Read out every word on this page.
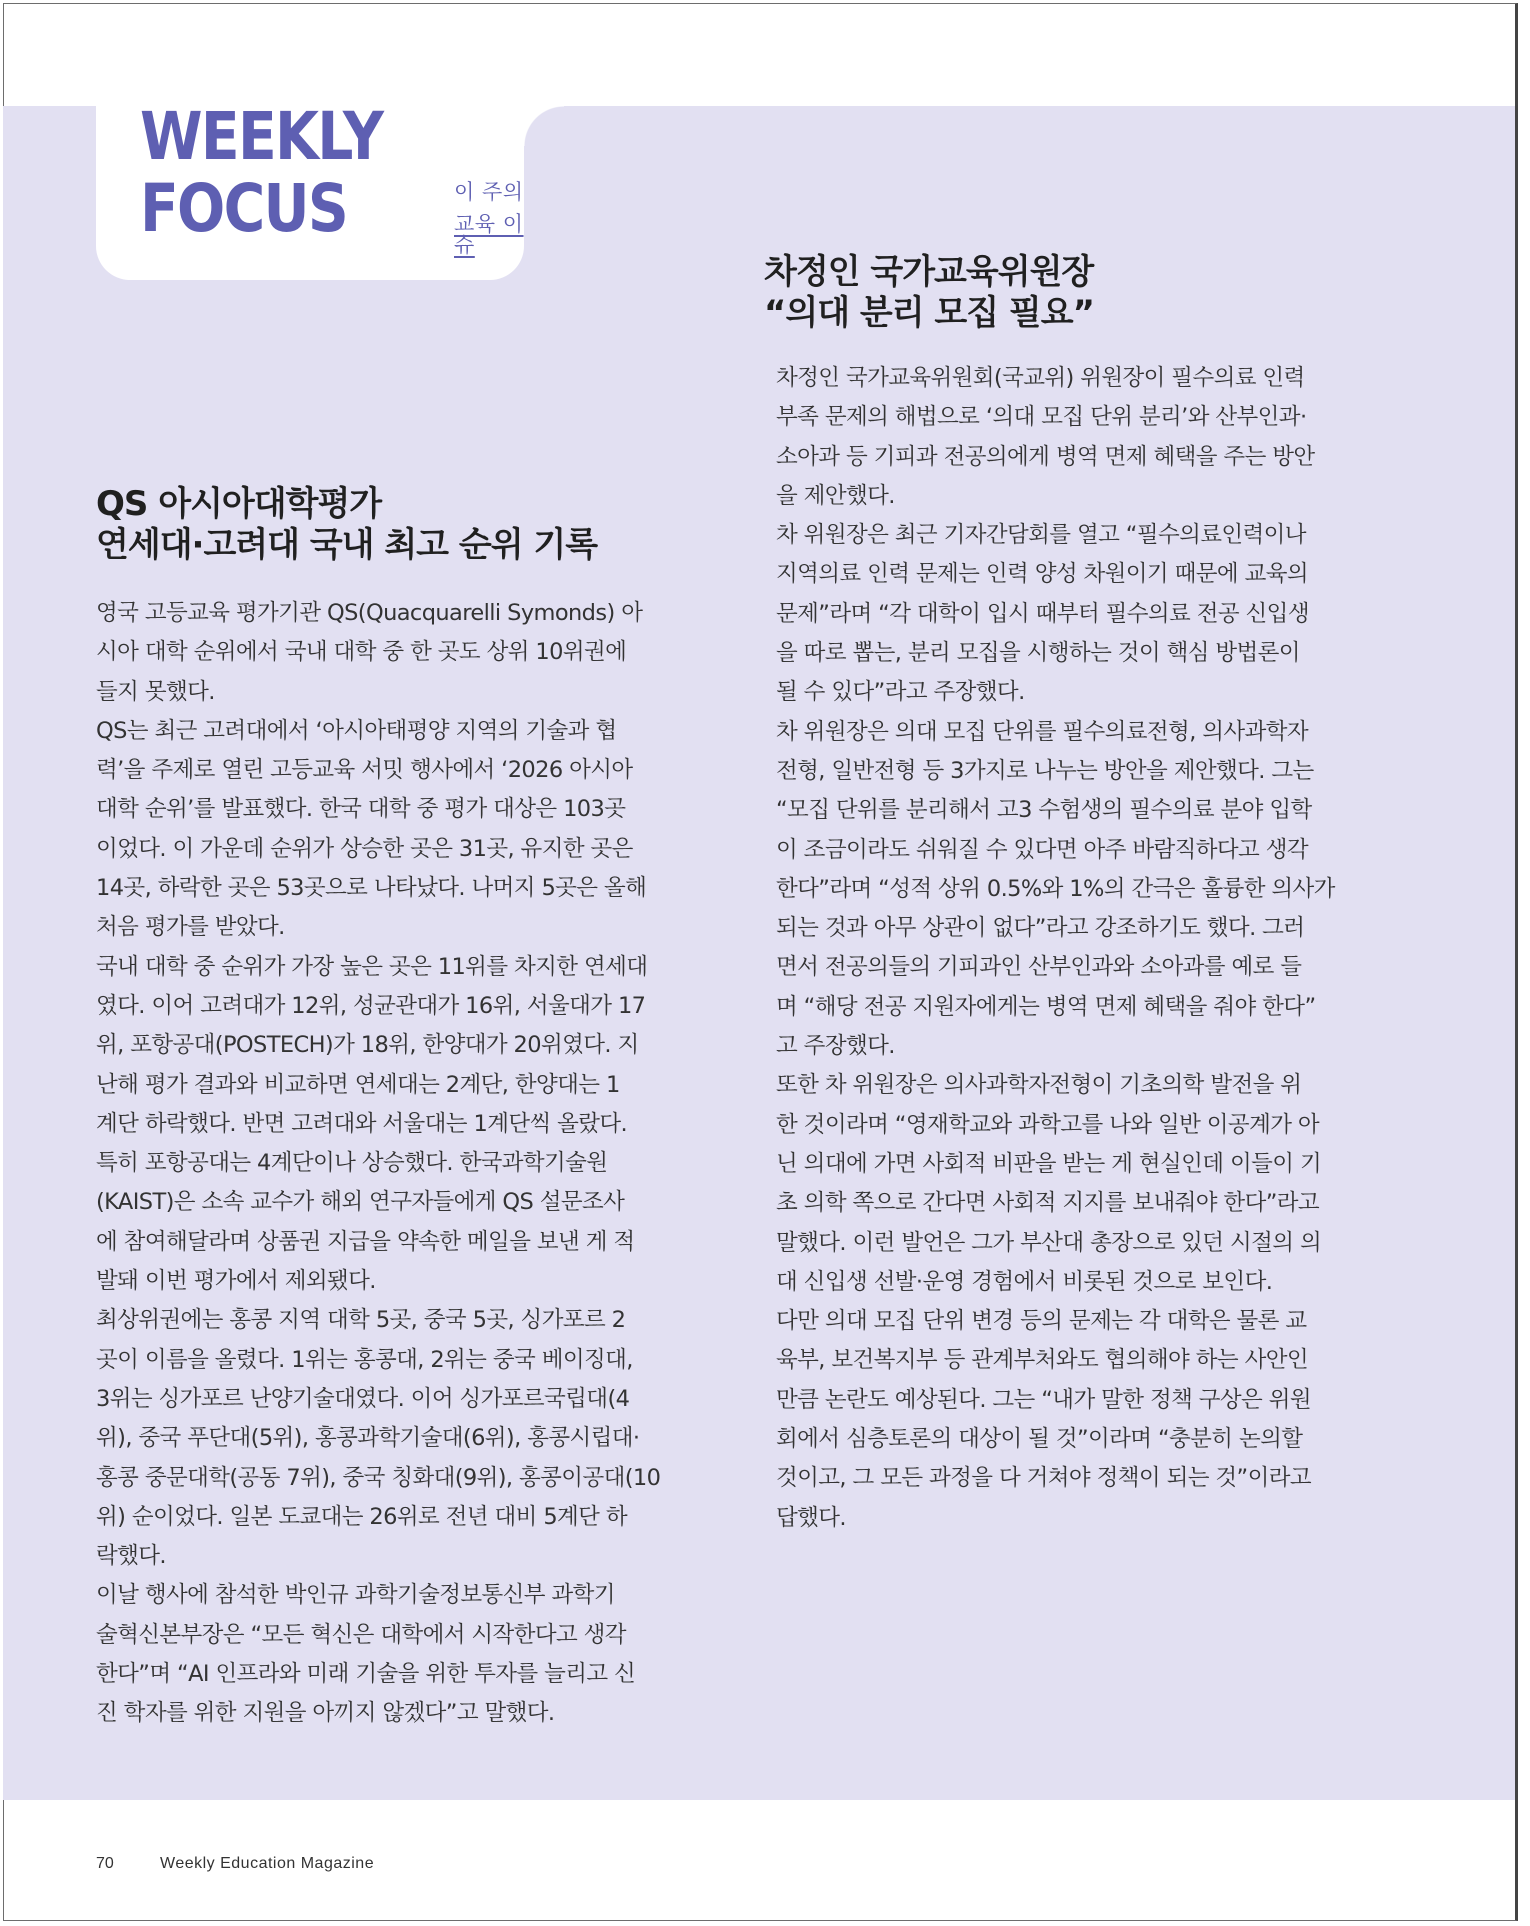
WEEKLY
FOCUS	이 주의
교육 이슈
QS 아시아대학평가
연세대·고려대 국내 최고 순위 기록
영국 고등교육 평가기관 QS(Quacquarelli Symonds) 아
시아 대학 순위에서 국내 대학 중 한 곳도 상위 10위권에
들지 못했다.
QS는 최근 고려대에서 ‘아시아태평양 지역의 기술과 협
력’을 주제로 열린 고등교육 서밋 행사에서 ‘2026 아시아
대학 순위’를 발표했다. 한국 대학 중 평가 대상은 103곳
이었다. 이 가운데 순위가 상승한 곳은 31곳, 유지한 곳은
14곳, 하락한 곳은 53곳으로 나타났다. 나머지 5곳은 올해
처음 평가를 받았다.
국내 대학 중 순위가 가장 높은 곳은 11위를 차지한 연세대
였다. 이어 고려대가 12위, 성균관대가 16위, 서울대가 17
위, 포항공대(POSTECH)가 18위, 한양대가 20위였다. 지
난해 평가 결과와 비교하면 연세대는 2계단, 한양대는 1
계단 하락했다. 반면 고려대와 서울대는 1계단씩 올랐다.
특히 포항공대는 4계단이나 상승했다. 한국과학기술원
(KAIST)은 소속 교수가 해외 연구자들에게 QS 설문조사
에 참여해달라며 상품권 지급을 약속한 메일을 보낸 게 적
발돼 이번 평가에서 제외됐다.
최상위권에는 홍콩 지역 대학 5곳, 중국 5곳, 싱가포르 2
곳이 이름을 올렸다. 1위는 홍콩대, 2위는 중국 베이징대,
3위는 싱가포르 난양기술대였다. 이어 싱가포르국립대(4
위), 중국 푸단대(5위), 홍콩과학기술대(6위), 홍콩시립대·
홍콩 중문대학(공동 7위), 중국 칭화대(9위), 홍콩이공대(10
위) 순이었다. 일본 도쿄대는 26위로 전년 대비 5계단 하
락했다.
이날 행사에 참석한 박인규 과학기술정보통신부 과학기
술혁신본부장은 “모든 혁신은 대학에서 시작한다고 생각
한다”며 “AI 인프라와 미래 기술을 위한 투자를 늘리고 신
진 학자를 위한 지원을 아끼지 않겠다”고 말했다.
차정인 국가교육위원장
“의대 분리 모집 필요”
차정인 국가교육위원회(국교위) 위원장이 필수의료 인력
부족 문제의 해법으로 ‘의대 모집 단위 분리’와 산부인과·
소아과 등 기피과 전공의에게 병역 면제 혜택을 주는 방안
을 제안했다.
차 위원장은 최근 기자간담회를 열고 “필수의료인력이나
지역의료 인력 문제는 인력 양성 차원이기 때문에 교육의
문제”라며 “각 대학이 입시 때부터 필수의료 전공 신입생
을 따로 뽑는, 분리 모집을 시행하는 것이 핵심 방법론이
될 수 있다”라고 주장했다.
차 위원장은 의대 모집 단위를 필수의료전형, 의사과학자
전형, 일반전형 등 3가지로 나누는 방안을 제안했다. 그는
“모집 단위를 분리해서 고3 수험생의 필수의료 분야 입학
이 조금이라도 쉬워질 수 있다면 아주 바람직하다고 생각
한다”라며 “성적 상위 0.5%와 1%의 간극은 훌륭한 의사가
되는 것과 아무 상관이 없다”라고 강조하기도 했다. 그러
면서 전공의들의 기피과인 산부인과와 소아과를 예로 들
며 “해당 전공 지원자에게는 병역 면제 혜택을 줘야 한다”
고 주장했다.
또한 차 위원장은 의사과학자전형이 기초의학 발전을 위
한 것이라며 “영재학교와 과학고를 나와 일반 이공계가 아
닌 의대에 가면 사회적 비판을 받는 게 현실인데 이들이 기
초 의학 쪽으로 간다면 사회적 지지를 보내줘야 한다”라고
말했다. 이런 발언은 그가 부산대 총장으로 있던 시절의 의
대 신입생 선발·운영 경험에서 비롯된 것으로 보인다.
다만 의대 모집 단위 변경 등의 문제는 각 대학은 물론 교
육부, 보건복지부 등 관계부처와도 협의해야 하는 사안인
만큼 논란도 예상된다. 그는 “내가 말한 정책 구상은 위원
회에서 심층토론의 대상이 될 것”이라며 “충분히 논의할
것이고, 그 모든 과정을 다 거쳐야 정책이 되는 것”이라고
답했다.
70	Weekly Education Magazine
